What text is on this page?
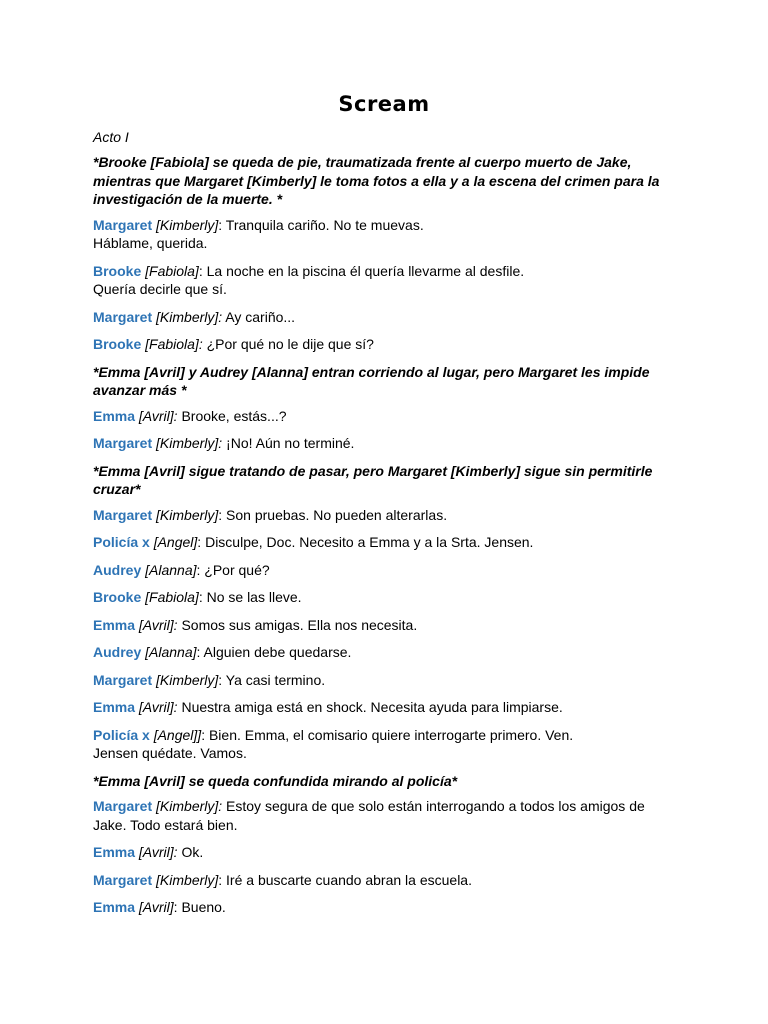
Scream
Acto I
*Brooke [Fabiola] se queda de pie, traumatizada frente al cuerpo muerto de Jake, mientras que Margaret [Kimberly] le toma fotos a ella y a la escena del crimen para la investigación de la muerte. *
Margaret [Kimberly]: Tranquila cariño. No te muevas.
Háblame, querida.
Brooke [Fabiola]: La noche en la piscina él quería llevarme al desfile.
Quería decirle que sí.
Margaret [Kimberly]: Ay cariño...
Brooke [Fabiola]: ¿Por qué no le dije que sí?
*Emma [Avril] y Audrey [Alanna] entran corriendo al lugar, pero Margaret les impide avanzar más *
Emma [Avril]: Brooke, estás...?
Margaret [Kimberly]: ¡No! Aún no terminé.
*Emma [Avril] sigue tratando de pasar, pero Margaret [Kimberly] sigue sin permitirle cruzar*
Margaret [Kimberly]: Son pruebas. No pueden alterarlas.
Policía x [Angel]: Disculpe, Doc. Necesito a Emma y a la Srta. Jensen.
Audrey [Alanna]: ¿Por qué?
Brooke [Fabiola]: No se las lleve.
Emma [Avril]: Somos sus amigas. Ella nos necesita.
Audrey [Alanna]: Alguien debe quedarse.
Margaret [Kimberly]: Ya casi termino.
Emma [Avril]: Nuestra amiga está en shock. Necesita ayuda para limpiarse.
Policía x [Angel]]: Bien. Emma, el comisario quiere interrogarte primero. Ven.
Jensen quédate. Vamos.
*Emma [Avril] se queda confundida mirando al policía*
Margaret [Kimberly]: Estoy segura de que solo están interrogando a todos los amigos de Jake. Todo estará bien.
Emma [Avril]: Ok.
Margaret [Kimberly]: Iré a buscarte cuando abran la escuela.
Emma [Avril]: Bueno.
